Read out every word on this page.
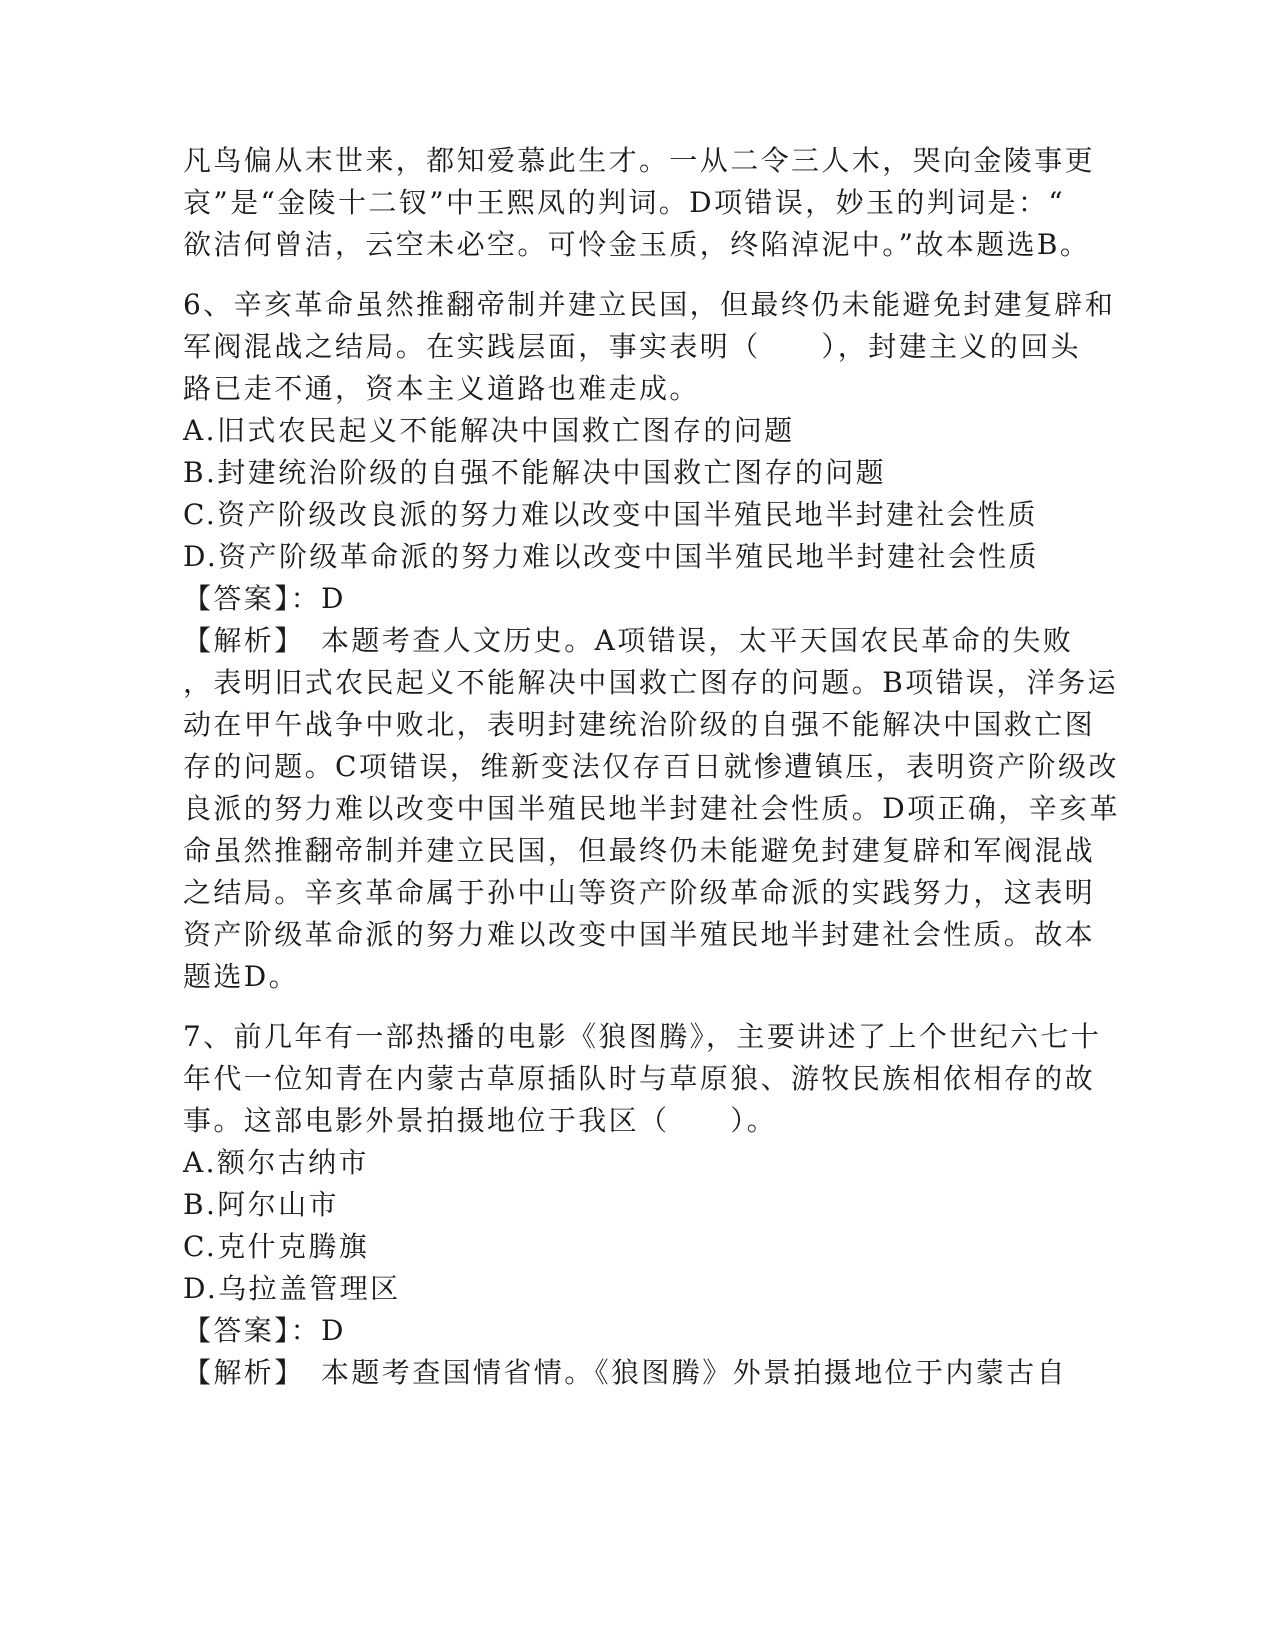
凡鸟偏从末世来，都知爱慕此生才。一从二令三人木，哭向金陵事更
哀”是“金陵十二钗”中王熙凤的判词。D项错误，妙玉的判词是：“
欲洁何曾洁，云空未必空。可怜金玉质，终陷淖泥中。”故本题选B。
6、辛亥革命虽然推翻帝制并建立民国，但最终仍未能避免封建复辟和
军阀混战之结局。在实践层面，事实表明（　　），封建主义的回头
路已走不通，资本主义道路也难走成。
A.旧式农民起义不能解决中国救亡图存的问题
B.封建统治阶级的自强不能解决中国救亡图存的问题
C.资产阶级改良派的努力难以改变中国半殖民地半封建社会性质
D.资产阶级革命派的努力难以改变中国半殖民地半封建社会性质
【答案】：D
【解析】　本题考查人文历史。A项错误，太平天国农民革命的失败
，表明旧式农民起义不能解决中国救亡图存的问题。B项错误，洋务运
动在甲午战争中败北，表明封建统治阶级的自强不能解决中国救亡图
存的问题。C项错误，维新变法仅存百日就惨遭镇压，表明资产阶级改
良派的努力难以改变中国半殖民地半封建社会性质。D项正确，辛亥革
命虽然推翻帝制并建立民国，但最终仍未能避免封建复辟和军阀混战
之结局。辛亥革命属于孙中山等资产阶级革命派的实践努力，这表明
资产阶级革命派的努力难以改变中国半殖民地半封建社会性质。故本
题选D。
7、前几年有一部热播的电影《狼图腾》，主要讲述了上个世纪六七十
年代一位知青在内蒙古草原插队时与草原狼、游牧民族相依相存的故
事。这部电影外景拍摄地位于我区（　　）。
A.额尔古纳市
B.阿尔山市
C.克什克腾旗
D.乌拉盖管理区
【答案】：D
【解析】　本题考查国情省情。《狼图腾》外景拍摄地位于内蒙古自
